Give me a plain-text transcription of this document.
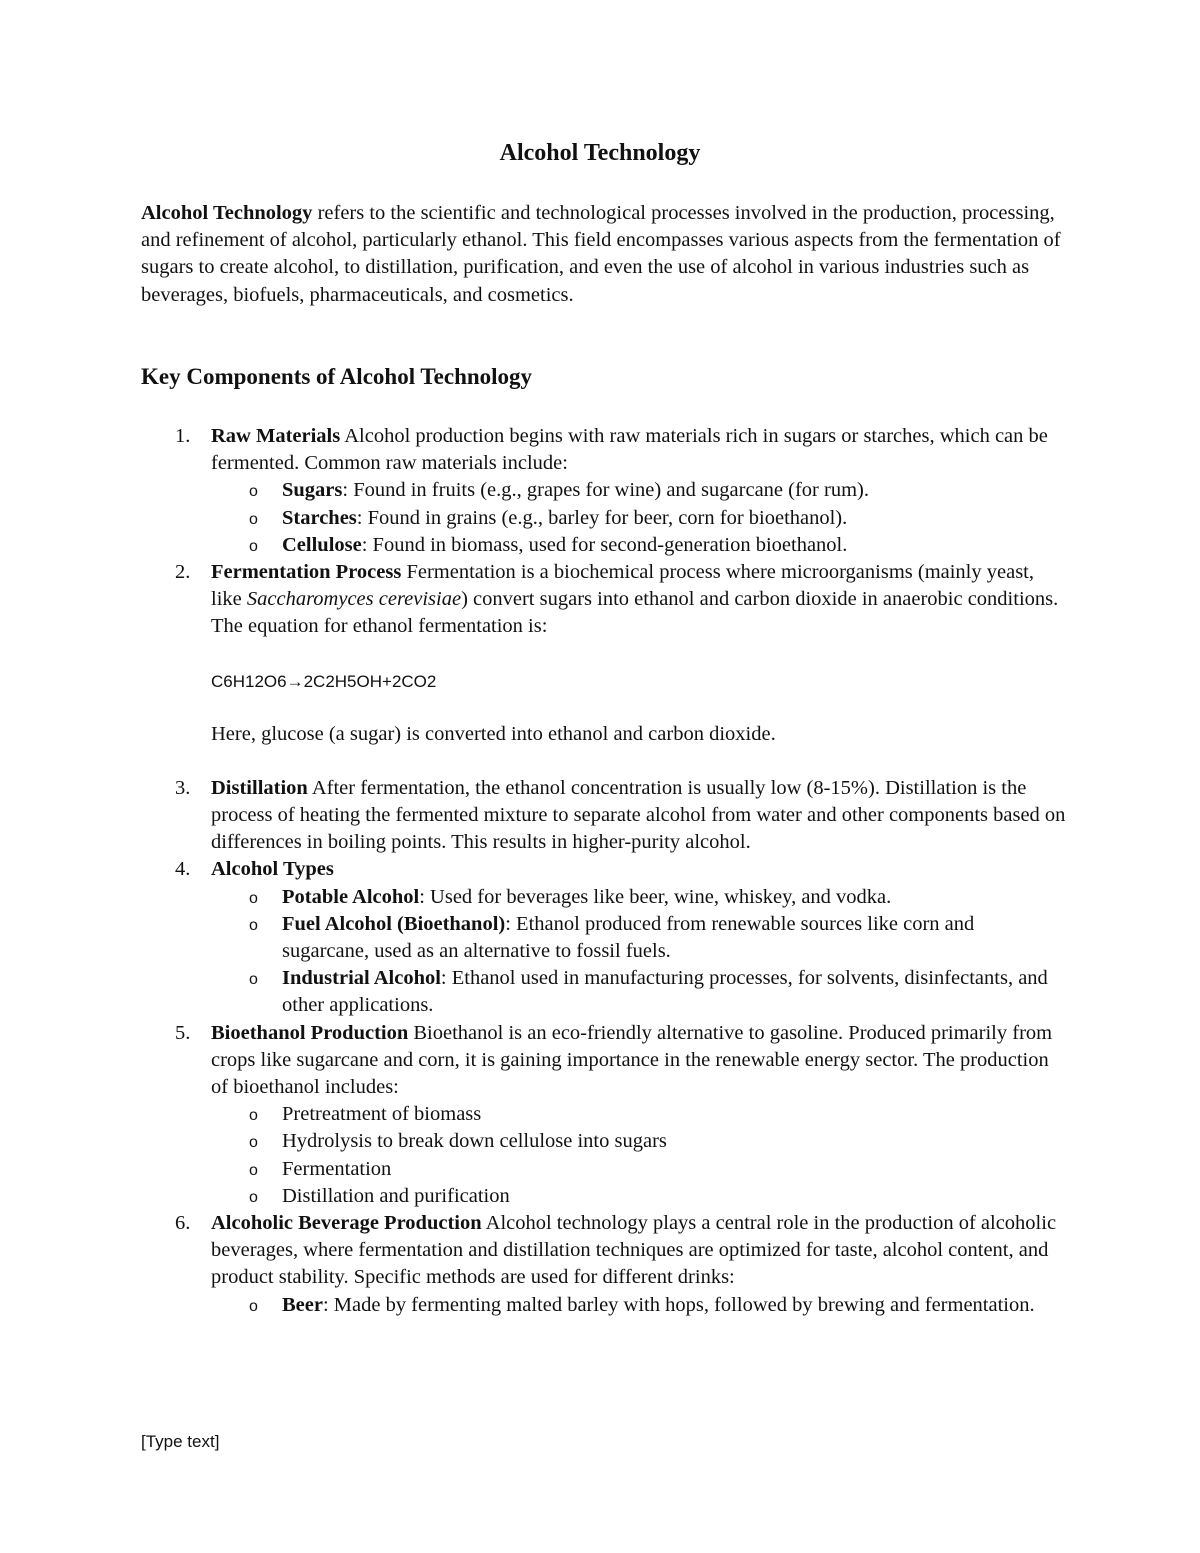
Alcohol Technology

Alcohol Technology refers to the scientific and technological processes involved in the production, processing, and refinement of alcohol, particularly ethanol. This field encompasses various aspects from the fermentation of sugars to create alcohol, to distillation, purification, and even the use of alcohol in various industries such as beverages, biofuels, pharmaceuticals, and cosmetics.

Key Components of Alcohol Technology
1. Raw Materials Alcohol production begins with raw materials rich in sugars or starches, which can be fermented. Common raw materials include:
o Sugars: Found in fruits (e.g., grapes for wine) and sugarcane (for rum).
o Starches: Found in grains (e.g., barley for beer, corn for bioethanol).
o Cellulose: Found in biomass, used for second-generation bioethanol.
2. Fermentation Process Fermentation is a biochemical process where microorganisms (mainly yeast, like Saccharomyces cerevisiae) convert sugars into ethanol and carbon dioxide in anaerobic conditions. The equation for ethanol fermentation is:
C6H12O6→2C2H5OH+2CO2
Here, glucose (a sugar) is converted into ethanol and carbon dioxide.
3. Distillation After fermentation, the ethanol concentration is usually low (8-15%). Distillation is the process of heating the fermented mixture to separate alcohol from water and other components based on differences in boiling points. This results in higher-purity alcohol.
4. Alcohol Types
o Potable Alcohol: Used for beverages like beer, wine, whiskey, and vodka.
o Fuel Alcohol (Bioethanol): Ethanol produced from renewable sources like corn and sugarcane, used as an alternative to fossil fuels.
o Industrial Alcohol: Ethanol used in manufacturing processes, for solvents, disinfectants, and other applications.
5. Bioethanol Production Bioethanol is an eco-friendly alternative to gasoline. Produced primarily from crops like sugarcane and corn, it is gaining importance in the renewable energy sector. The production of bioethanol includes:
o Pretreatment of biomass
o Hydrolysis to break down cellulose into sugars
o Fermentation
o Distillation and purification
6. Alcoholic Beverage Production Alcohol technology plays a central role in the production of alcoholic beverages, where fermentation and distillation techniques are optimized for taste, alcohol content, and product stability. Specific methods are used for different drinks:
o Beer: Made by fermenting malted barley with hops, followed by brewing and fermentation.
[Type text]
